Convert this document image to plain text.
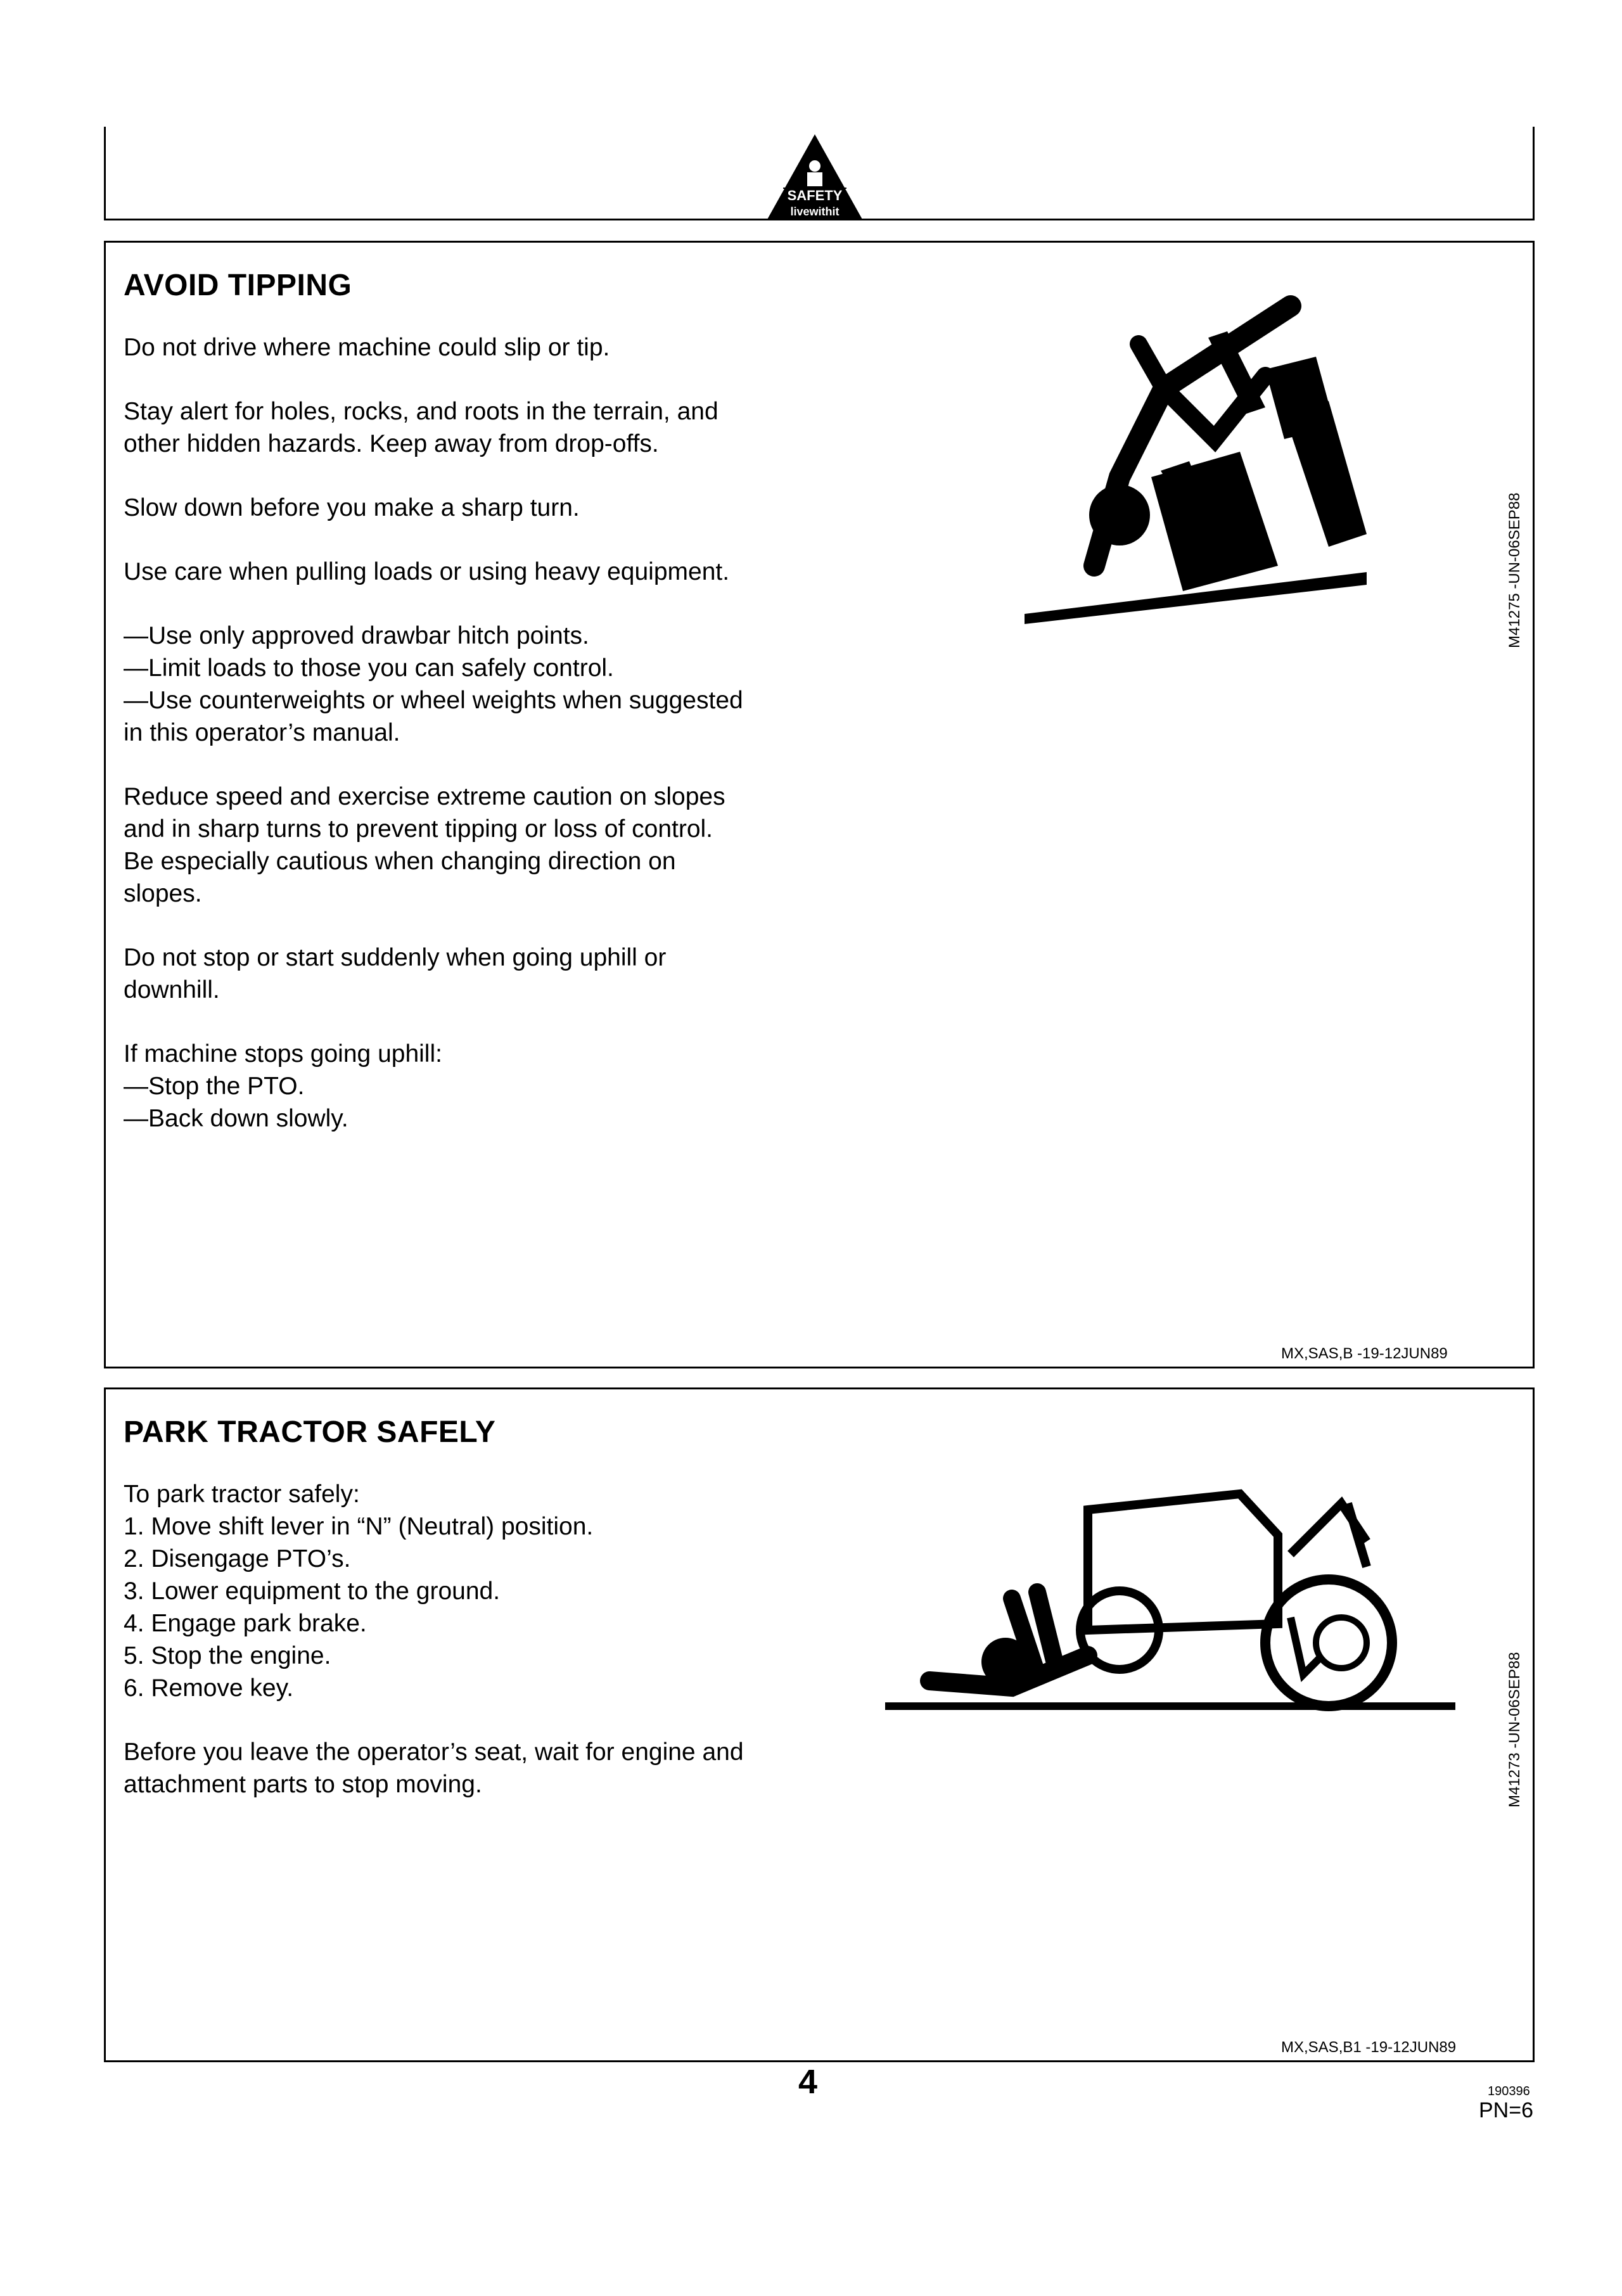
SAFETY
livewithit
AVOID TIPPING

Do not drive where machine could slip or tip.

Stay alert for holes, rocks, and roots in the terrain, and
other hidden hazards. Keep away from drop-offs.

Slow down before you make a sharp turn.

Use care when pulling loads or using heavy equipment.

—Use only approved drawbar hitch points.
—Limit loads to those you can safely control.
—Use counterweights or wheel weights when suggested
in this operator’s manual.

Reduce speed and exercise extreme caution on slopes
and in sharp turns to prevent tipping or loss of control.
Be especially cautious when changing direction on
slopes.

Do not stop or start suddenly when going uphill or
downhill.

If machine stops going uphill:
—Stop the PTO.
—Back down slowly.

M41275 -UN-06SEP88
MX,SAS,B -19-12JUN89
PARK TRACTOR SAFELY

To park tractor safely:
1. Move shift lever in “N” (Neutral) position.
2. Disengage PTO’s.
3. Lower equipment to the ground.
4. Engage park brake.
5. Stop the engine.
6. Remove key.

Before you leave the operator’s seat, wait for engine and
attachment parts to stop moving.	M41273 -UN-06SEP88
MX,SAS,B1 -19-12JUN89
4	190396
PN=6
